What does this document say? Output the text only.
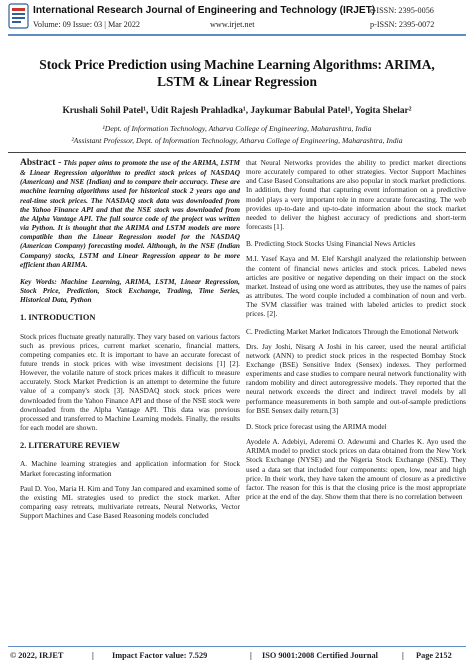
International Research Journal of Engineering and Technology (IRJET)
e-ISSN: 2395-0056
Volume: 09 Issue: 03 | Mar 2022	www.irjet.net	p-ISSN: 2395-0072
Stock Price Prediction using Machine Learning Algorithms: ARIMA,
LSTM & Linear Regression
Krushali Sohil Patel¹, Udit Rajesh Prahladka¹, Jaykumar Babulal Patel¹, Yogita Shelar²
¹Dept. of Information Technology, Atharva College of Engineering, Maharashtra, India
²Assistant Professor, Dept. of Information Technology, Atharva College of Engineering, Maharashtra, India

Abstract - This paper aims to promote the use of the ARIMA, LSTM & Linear Regression algorithm to predict stock prices of NASDAQ (American) and NSE (Indian) and to compare their accuracy. These are machine learning algorithms used for historical stock 2 years ago and real-time stock prices. The NASDAQ stock data was downloaded from the Yahoo Finance API and that the NSE stock was downloaded from the Alpha Vantage API. The full source code of the project was written via Python. It is thought that the ARIMA and LSTM models are more compatible than the Linear Regression model for the NASDAQ (American Company) forecasting model. Although, in the NSE (Indian Company) stocks, LSTM and Linear Regression appear to be more efficient than ARIMA.

Key Words: Machine Learning, ARIMA, LSTM, Linear Regression, Stock Price, Prediction, Stock Exchange, Trading, Time Series, Historical Data, Python

1. INTRODUCTION

Stock prices fluctuate greatly naturally. They vary based on various factors such as previous prices, current market scenario, financial matters, competing companies etc. It is important to have an accurate forecast of future trends in stock prices with wise investment decisions [1] [2]. However, the volatile nature of stock prices makes it difficult to measure accurately. Stock Market Prediction is an attempt to determine the future value of a company's stock [3]. NASDAQ stock stock prices were downloaded from the Yahoo Finance API and those of the NSE stock were downloaded from the Alpha Vantage API. This data was previous processed and transferred to Machine Learning models. Finally, the results for each model are shown.

2. LITERATURE REVIEW

A. Machine learning strategies and application information for Stock Market forecasting information

Paul D. Yoo, Maria H. Kim and Tony Jan compared and examined some of the existing ML strategies used to predict the stock market. After comparing easy retreats, multivariate retreats, Neural Networks, Vector Support Machines and Case Based Reasoning models concluded

that Neural Networks provides the ability to predict market directions more accurately compared to other strategies. Vector Support Machines and Case Based Consultations are also popular in stock market predictions. In addition, they found that capturing event information on a predictive model plays a very important role in more accurate forecasting. The web provides up-to-date and up-to-date information about the stock market needed to deliver the highest accuracy of predictions and short-term forecasts [1].

B. Predicting Stock Stocks Using Financial News Articles

M.I. Yasef Kaya and M. Elef Karshgil analyzed the relationship between the content of financial news articles and stock prices. Labeled news articles are positive or negative depending on their impact on the stock market. Instead of using one word as attributes, they use the names of pairs as attributes. The word couple included a combination of noun and verb. The SVM classifier was trained with labeled articles to predict stock prices. [2].

C. Predicting Market Market Indicators Through the Emotional Network

Drs. Jay Joshi, Nisarg A Joshi in his career, used the neural artificial network (ANN) to predict stock prices in the respected Bombay Stock Exchange (BSE) Sensitive Index (Sensex) indexes. They performed experiments and case studies to compare neural network functionality with random mobility and direct autoregressive models. They reported that the neural network exceeds the direct and indirect travel models by all performance measurements in both sample and out-of-sample predictions for BSE Sensex daily return.[3]

D. Stock price forecast using the ARIMA model

Ayodele A. Adebiyi, Aderemi O. Adewumi and Charles K. Ayo used the ARIMA model to predict stock prices on data obtained from the New York Stock Exchange (NYSE) and the Nigeria Stock Exchange (NSE). They used a data set that included four components: open, low, near and high price. In their work, they have taken the amount of closure as a predictive factor. The reason for this is that the closing price is the most appropriate price at the end of the day. Show them that there is no correlation between

© 2022, IRJET	| Impact Factor value: 7.529	| ISO 9001:2008 Certified Journal	| Page 2152
